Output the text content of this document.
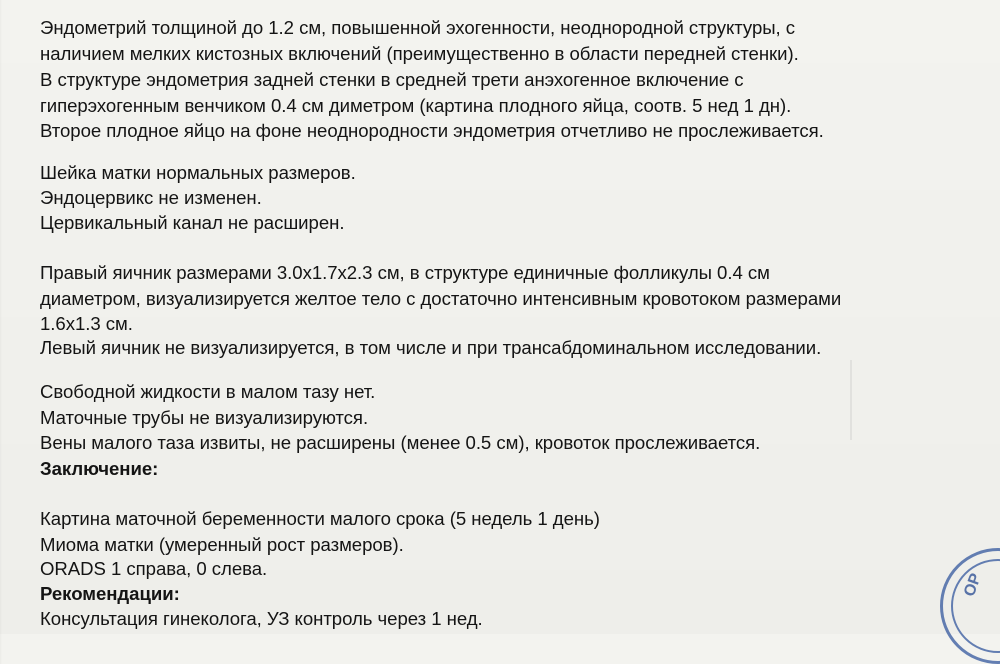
Эндометрий толщиной до 1.2 см, повышенной эхогенности, неоднородной структуры, с
наличием мелких кистозных включений (преимущественно в области передней стенки).
В структуре эндометрия задней стенки в средней трети анэхогенное включение с
гиперэхогенным венчиком 0.4 см диметром (картина плодного яйца, соотв. 5 нед 1 дн).
Второе плодное яйцо на фоне неоднородности эндометрия отчетливо не прослеживается.
Шейка матки нормальных размеров.
Эндоцервикс не изменен.
Цервикальный канал не расширен.
Правый яичник размерами 3.0х1.7х2.3 см, в структуре единичные фолликулы 0.4 см
диаметром, визуализируется желтое тело с достаточно интенсивным кровотоком размерами
1.6х1.3 см.
Левый яичник не визуализируется, в том числе и при трансабдоминальном исследовании.
Свободной жидкости в малом тазу нет.
Маточные трубы не визуализируются.
Вены малого таза извиты, не расширены (менее 0.5 см), кровоток прослеживается.
Заключение:
Картина маточной беременности малого срока (5 недель 1 день)
Миома матки (умеренный рост размеров).
ORADS 1 справа, 0 слева.
Рекомендации:
Консультация гинеколога, УЗ контроль через 1 нед.
ОР
